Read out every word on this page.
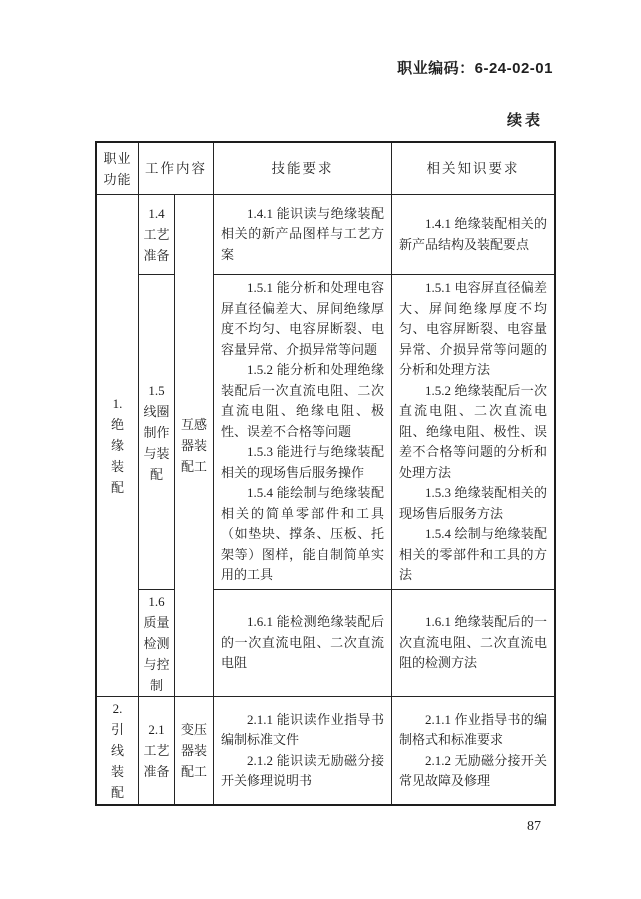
职业编码：6-24-02-01
续表
职业
功能
工作内容	技能要求	相关知识要求
1.
绝
缘
装
配
互感
器装
配工
1.4
工艺
准备

1.4.1 能识读与绝缘装配相关的新产品图样与工艺方案

1.4.1 绝缘装配相关的新产品结构及装配要点

1.5
线圈
制作
与装
配

1.5.1 能分析和处理电容屏直径偏差大、屏间绝缘厚度不均匀、电容屏断裂、电容量异常、介损异常等问题

1.5.2 能分析和处理绝缘装配后一次直流电阻、二次直流电阻、绝缘电阻、极性、误差不合格等问题

1.5.3 能进行与绝缘装配相关的现场售后服务操作

1.5.4 能绘制与绝缘装配相关的简单零部件和工具（如垫块、撑条、压板、托架等）图样，能自制简单实用的工具

1.5.1 电容屏直径偏差大、屏间绝缘厚度不均匀、电容屏断裂、电容量异常、介损异常等问题的分析和处理方法

1.5.2 绝缘装配后一次直流电阻、二次直流电阻、绝缘电阻、极性、误差不合格等问题的分析和处理方法

1.5.3 绝缘装配相关的现场售后服务方法

1.5.4 绘制与绝缘装配相关的零部件和工具的方法

1.6
质量
检测
与控
制

1.6.1 能检测绝缘装配后的一次直流电阻、二次直流电阻

1.6.1 绝缘装配后的一次直流电阻、二次直流电阻的检测方法

2.
引
线
装
配
2.1
工艺
准备
变压
器装
配工

2.1.1 能识读作业指导书编制标准文件

2.1.2 能识读无励磁分接开关修理说明书

2.1.1 作业指导书的编制格式和标准要求

2.1.2 无励磁分接开关常见故障及修理

87
